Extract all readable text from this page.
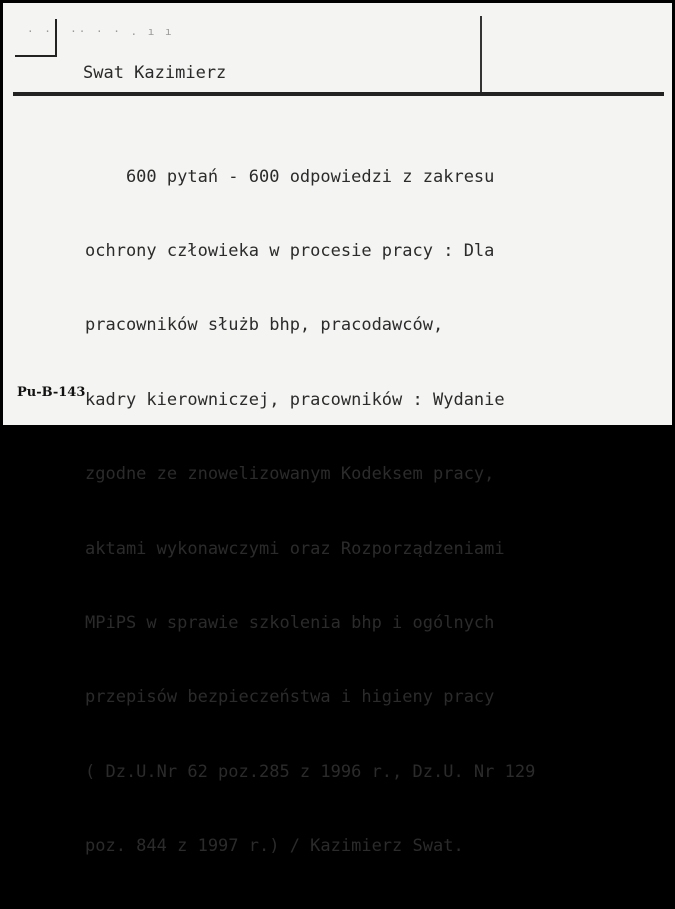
· ·  ·· · · . ı ı
Swat Kazimierz

600 pytań - 600 odpowiedzi z zakresu

ochrony człowieka w procesie pracy : Dla

pracowników służb bhp, pracodawców,

kadry kierowniczej, pracowników : Wydanie

zgodne ze znowelizowanym Kodeksem pracy,

aktami wykonawczymi oraz Rozporządzeniami

MPiPS w sprawie szkolenia bhp i ogólnych

przepisów bezpieczeństwa i higieny pracy

( Dz.U.Nr 62 poz.285 z 1996 r., Dz.U. Nr 129

poz. 844 z 1997 r.) / Kazimierz Swat.

Pu-B-143
